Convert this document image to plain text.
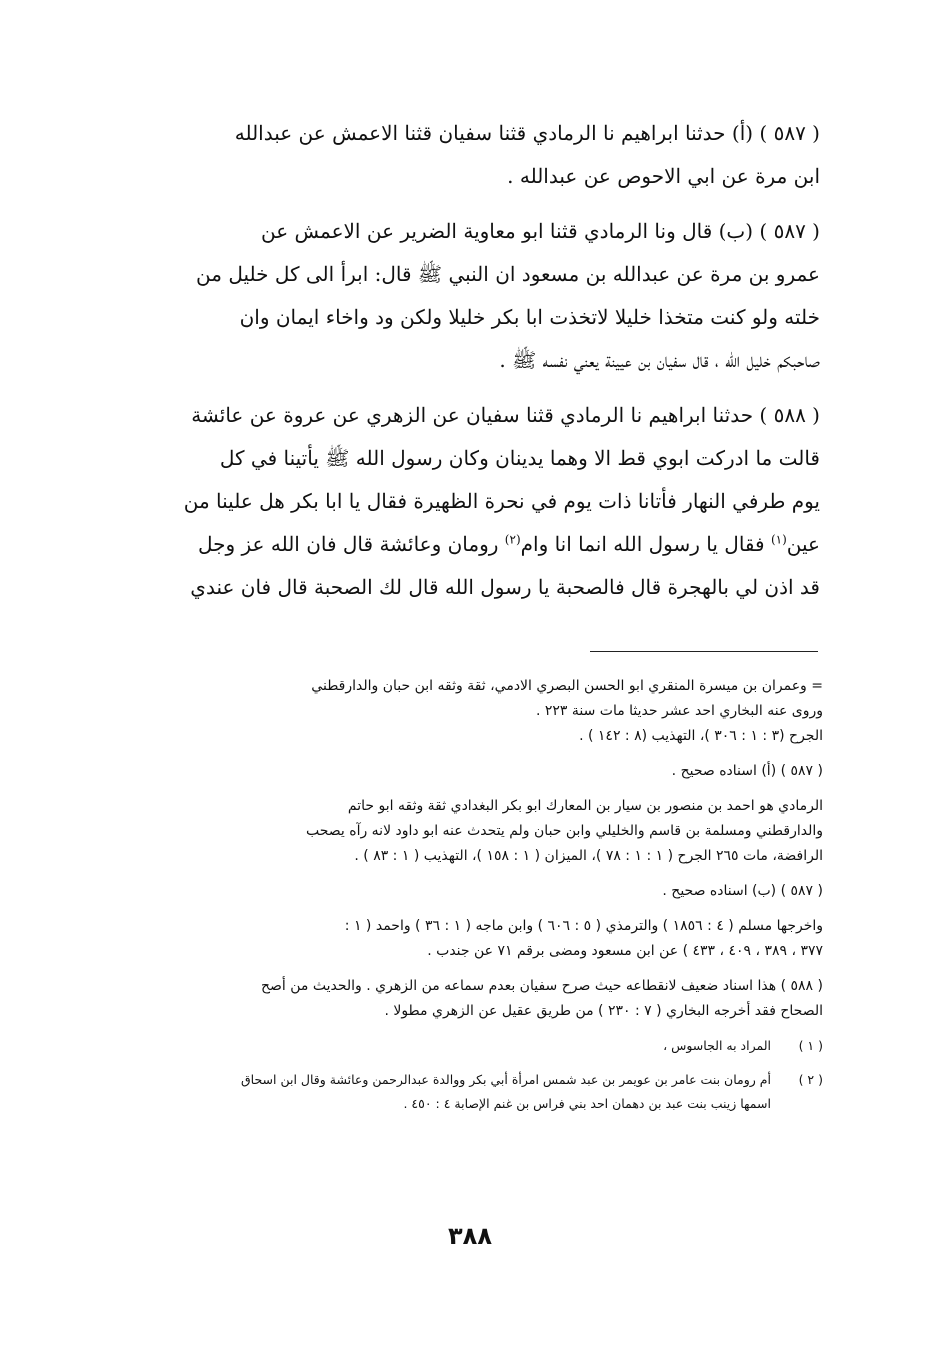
( ٥٨٧ ) (أ) حدثنا ابراهيم نا الرمادي قثنا سفيان قثنا الاعمش عن عبدالله
ابن مرة عن ابي الاحوص عن عبدالله .

( ٥٨٧ ) (ب) قال ونا الرمادي قثنا ابو معاوية الضرير عن الاعمش عن
عمرو بن مرة عن عبدالله بن مسعود ان النبي ﷺ قال: ابرأ الى كل خليل من
خلته ولو كنت متخذا خليلا لاتخذت ابا بكر خليلا ولكن ود واخاء ايمان وان
صاحبكم خليل الله ، قال سفيان بن عيينة يعني نفسه ﷺ .

( ٥٨٨ ) حدثنا ابراهيم نا الرمادي قثنا سفيان عن الزهري عن عروة عن عائشة
قالت ما ادركت ابوي قط الا وهما يدينان وكان رسول الله ﷺ يأتينا في كل
يوم طرفي النهار فأتانا ذات يوم في نحرة الظهيرة فقال يا ابا بكر هل علينا من
عين$^{(١)}$ فقال يا رسول الله انما انا وام$^{(٢)}$ رومان وعائشة قال فان الله عز وجل
قد اذن لي بالهجرة قال فالصحبة يا رسول الله قال لك الصحبة قال فان عندي

= وعمران بن ميسرة المنقري ابو الحسن البصري الادمي، ثقة وثقه ابن حبان والدارقطني
وروى عنه البخاري احد عشر حديثا مات سنة ٢٢٣ .
الجرح (٣ : ١ : ٣٠٦ )، التهذيب (٨ : ١٤٢ ) .
( ٥٨٧ ) (أ) اسناده صحيح .
الرمادي هو احمد بن منصور بن سيار بن المعارك ابو بكر البغدادي ثقة وثقه ابو حاتم
والدارقطني ومسلمة بن قاسم والخليلي وابن حبان ولم يتحدث عنه ابو داود لانه رآه يصحب
الرافضة، مات ٢٦٥ الجرح ( ١ : ١ : ٧٨ )، الميزان ( ١ : ١٥٨ )، التهذيب ( ١ : ٨٣ ) .
( ٥٨٧ ) (ب) اسناده صحيح .
واخرجها مسلم ( ٤ : ١٨٥٦ ) والترمذي ( ٥ : ٦٠٦ ) وابن ماجه ( ١ : ٣٦ ) واحمد ( ١ :
٣٧٧ ، ٣٨٩ ، ٤٠٩ ، ٤٣٣ ) عن ابن مسعود ومضى برقم ٧١ عن جندب .
( ٥٨٨ ) هذا اسناد ضعيف لانقطاعه حيث صرح سفيان بعدم سماعه من الزهري . والحديث من أصح
الصحاح فقد أخرجه البخاري ( ٧ : ٢٣٠ ) من طريق عقيل عن الزهري مطولا .
( ١ )
المراد به الجاسوس ،
( ٢ )
أم رومان بنت عامر بن عويمر بن عبد شمس امرأة أبي بكر ووالدة عبدالرحمن وعائشة وقال ابن اسحاق
اسمها زينب بنت عبد بن دهمان احد بني فراس بن غنم الإصابة ٤ : ٤٥٠ .
٣٨٨
